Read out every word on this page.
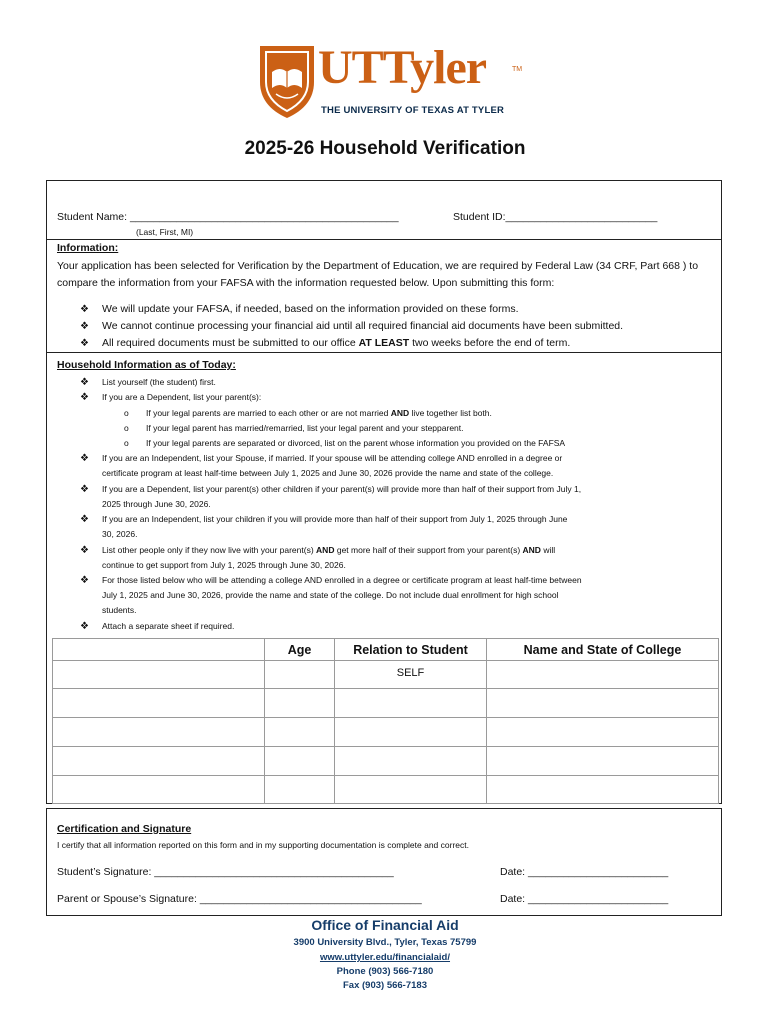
UTTyler	TM
THE UNIVERSITY OF TEXAS AT TYLER
2025-26 Household Verification
Student Name: ______________________________________________
(Last, First, MI)
Student ID:__________________________
Information:
Your application has been selected for Verification by the Department of Education, we are required by Federal Law (34 CRF, Part 668 ) to compare the information from your FAFSA with the information requested below. Upon submitting this form:
❖ We will update your FAFSA, if needed, based on the information provided on these forms.
❖ We cannot continue processing your financial aid until all required financial aid documents have been submitted.
❖ All required documents must be submitted to our office AT LEAST two weeks before the end of term.
Household Information as of Today:
❖ List yourself (the student) first.
❖ If you are a Dependent, list your parent(s):
o If your legal parents are married to each other or are not married AND live together list both.
o If your legal parent has married/remarried, list your legal parent and your stepparent.
o If your legal parents are separated or divorced, list on the parent whose information you provided on the FAFSA
❖ If you are an Independent, list your Spouse, if married. If your spouse will be attending college AND enrolled in a degree or
certificate program at least half-time between July 1, 2025 and June 30, 2026 provide the name and state of the college.
❖ If you are a Dependent, list your parent(s) other children if your parent(s) will provide more than half of their support from July 1,
2025 through June 30, 2026.
❖ If you are an Independent, list your children if you will provide more than half of their support from July 1, 2025 through June
30, 2026.
❖ List other people only if they now live with your parent(s) AND get more half of their support from your parent(s) AND will
continue to get support from July 1, 2025 through June 30, 2026.
❖ For those listed below who will be attending a college AND enrolled in a degree or certificate program at least half-time between
July 1, 2025 and June 30, 2026, provide the name and state of the college. Do not include dual enrollment for high school
students.
❖ Attach a separate sheet if required.
	Age	Relation to Student	Name and State of College
		SELF	

Certification and Signature
I certify that all information reported on this form and in my supporting documentation is complete and correct.
Student’s Signature: _________________________________________	Date: ________________________
Parent or Spouse’s Signature: ______________________________________	Date: ________________________
Office of Financial Aid
3900 University Blvd., Tyler, Texas 75799
www.uttyler.edu/financialaid/
Phone (903) 566-7180
Fax (903) 566-7183
